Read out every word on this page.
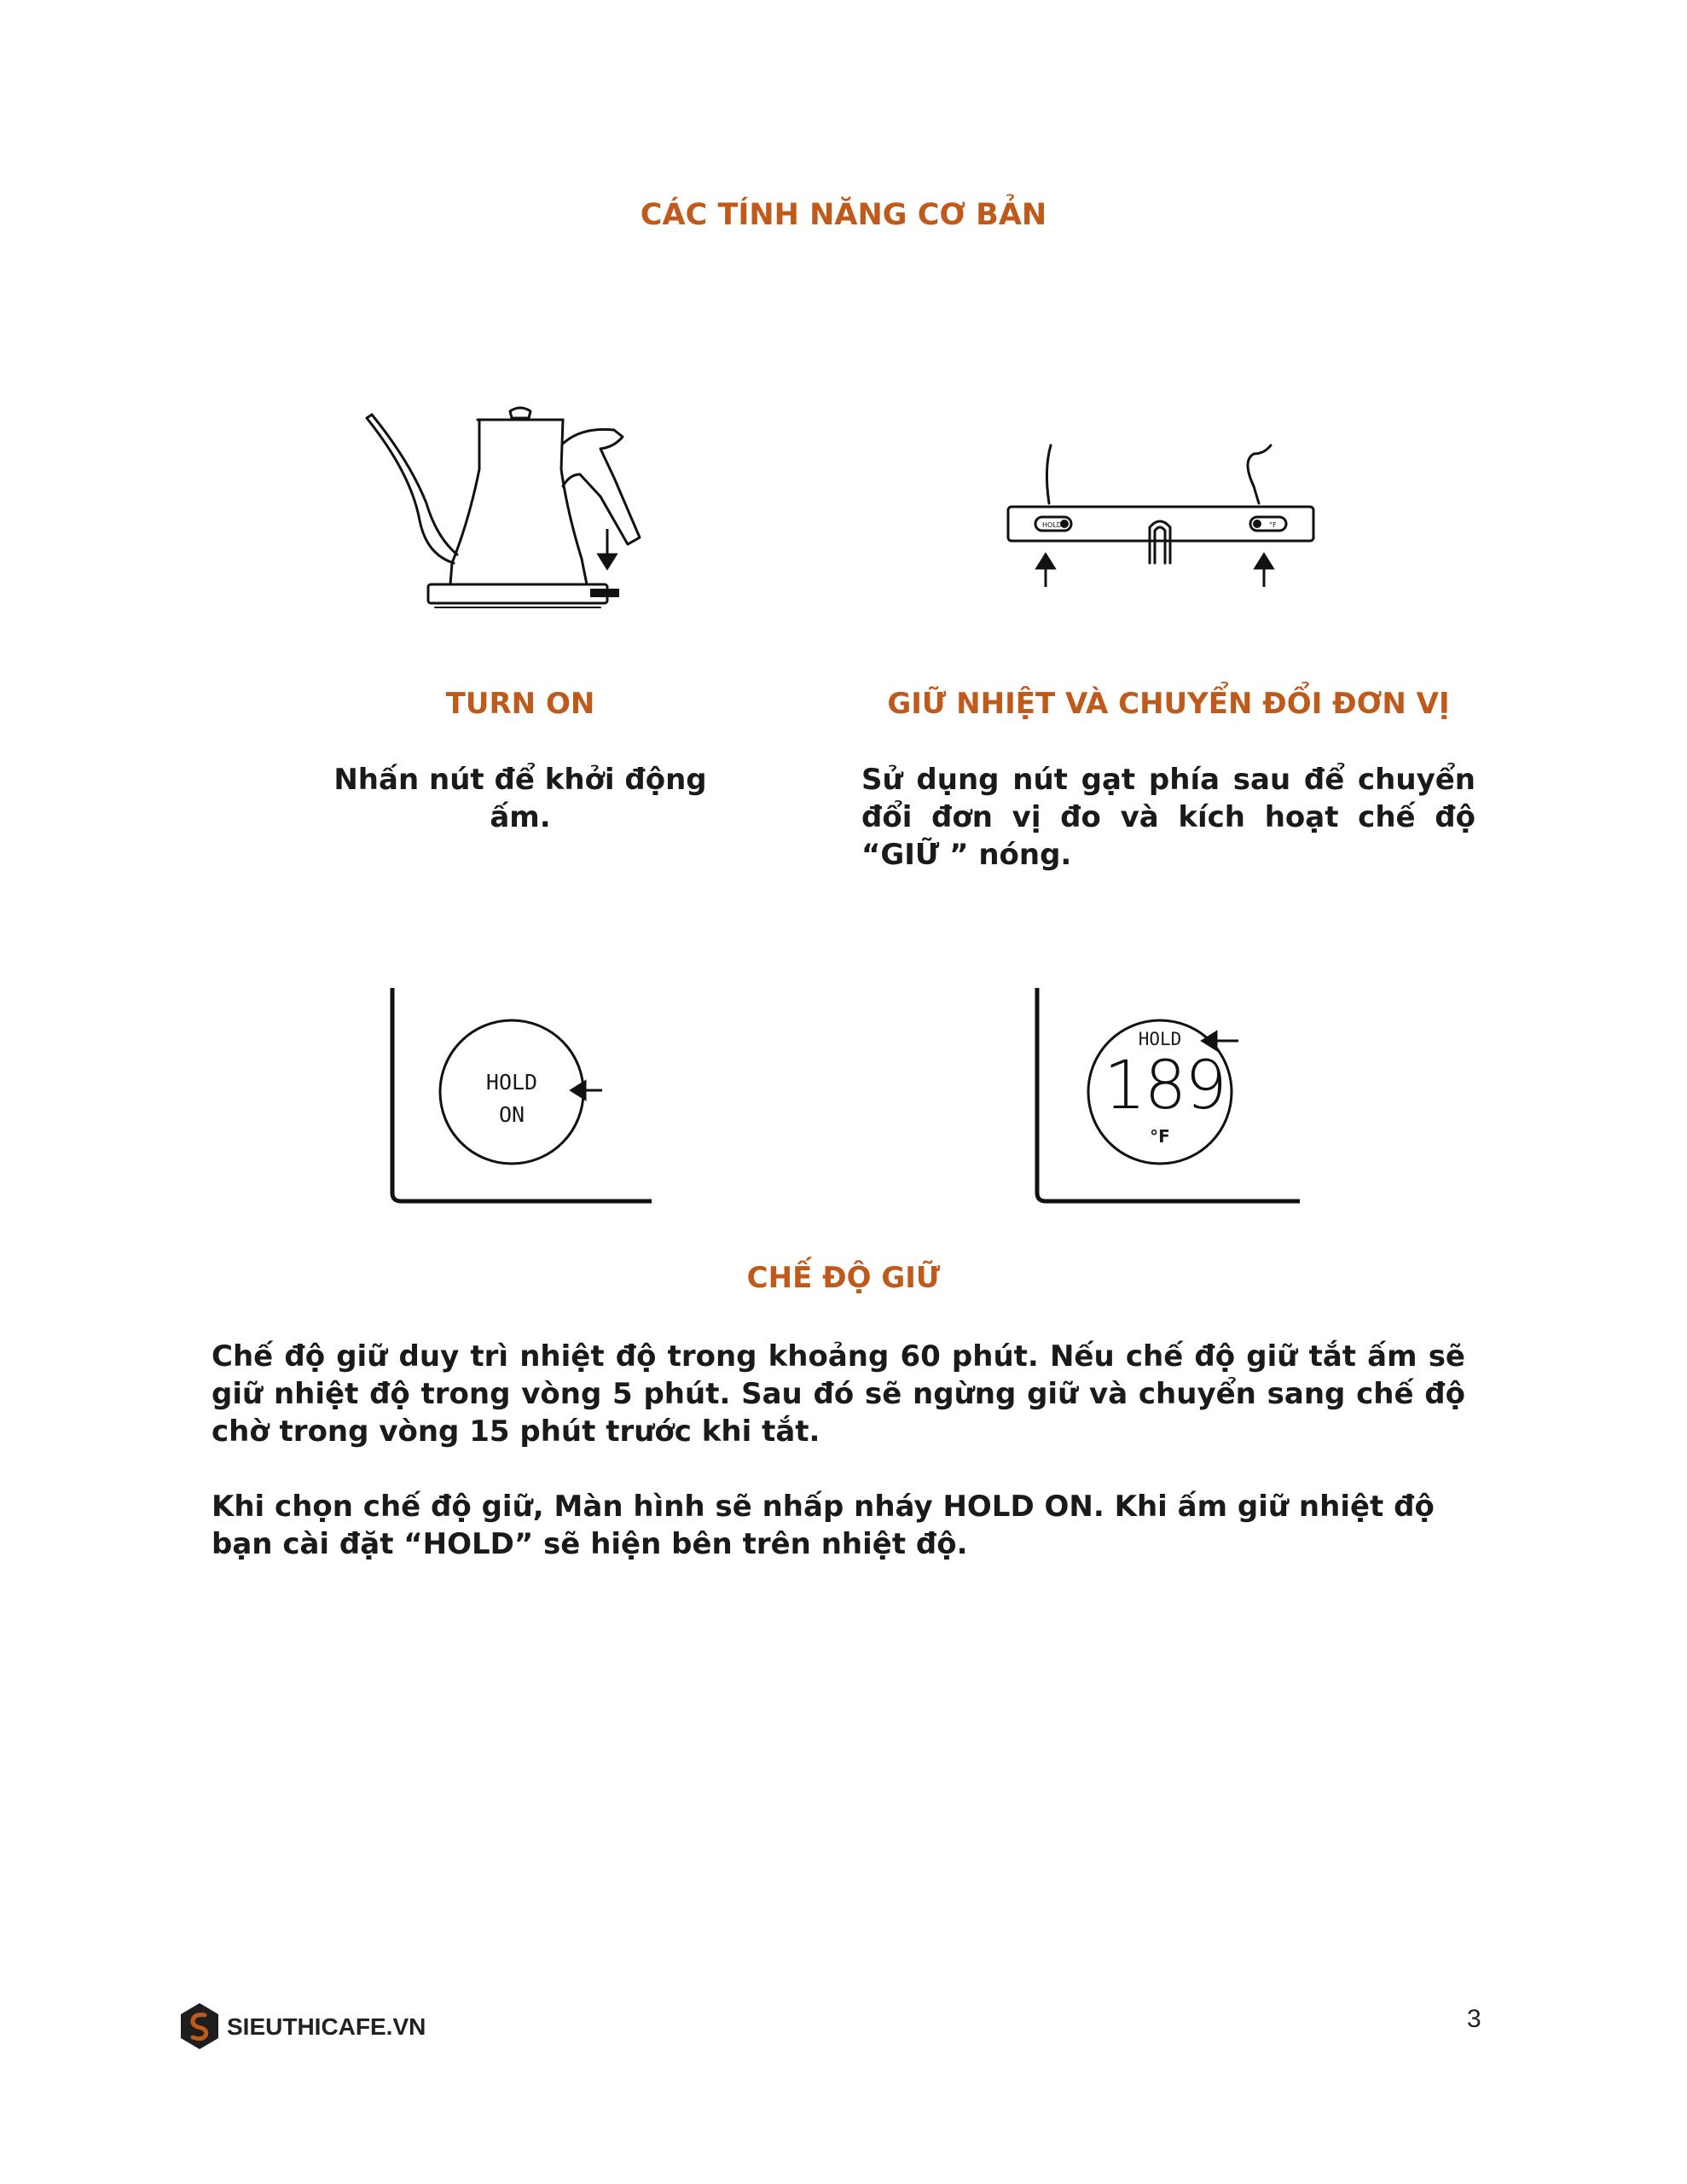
CÁC TÍNH NĂNG CƠ BẢN
HOLD	°F
TURN ON	GIỮ NHIỆT VÀ CHUYỂN ĐỔI ĐƠN VỊ
Nhấn nút để khởi động ấm.
Sử dụng nút gạt phía sau để chuyển đổi đơn vị đo và kích hoạt chế độ “GIỮ ” nóng.
HOLD
ON
HOLD
189
°F
CHẾ ĐỘ GIỮ
Chế độ giữ duy trì nhiệt độ trong khoảng 60 phút. Nếu chế độ giữ tắt ấm sẽ giữ nhiệt độ trong vòng 5 phút. Sau đó sẽ ngừng giữ và chuyển sang chế độ chờ trong vòng 15 phút trước khi tắt.
Khi chọn chế độ giữ, Màn hình sẽ nhấp nháy HOLD ON. Khi ấm giữ nhiệt độ bạn cài đặt “HOLD” sẽ hiện bên trên nhiệt độ.
SIEUTHICAFE.VN	3
